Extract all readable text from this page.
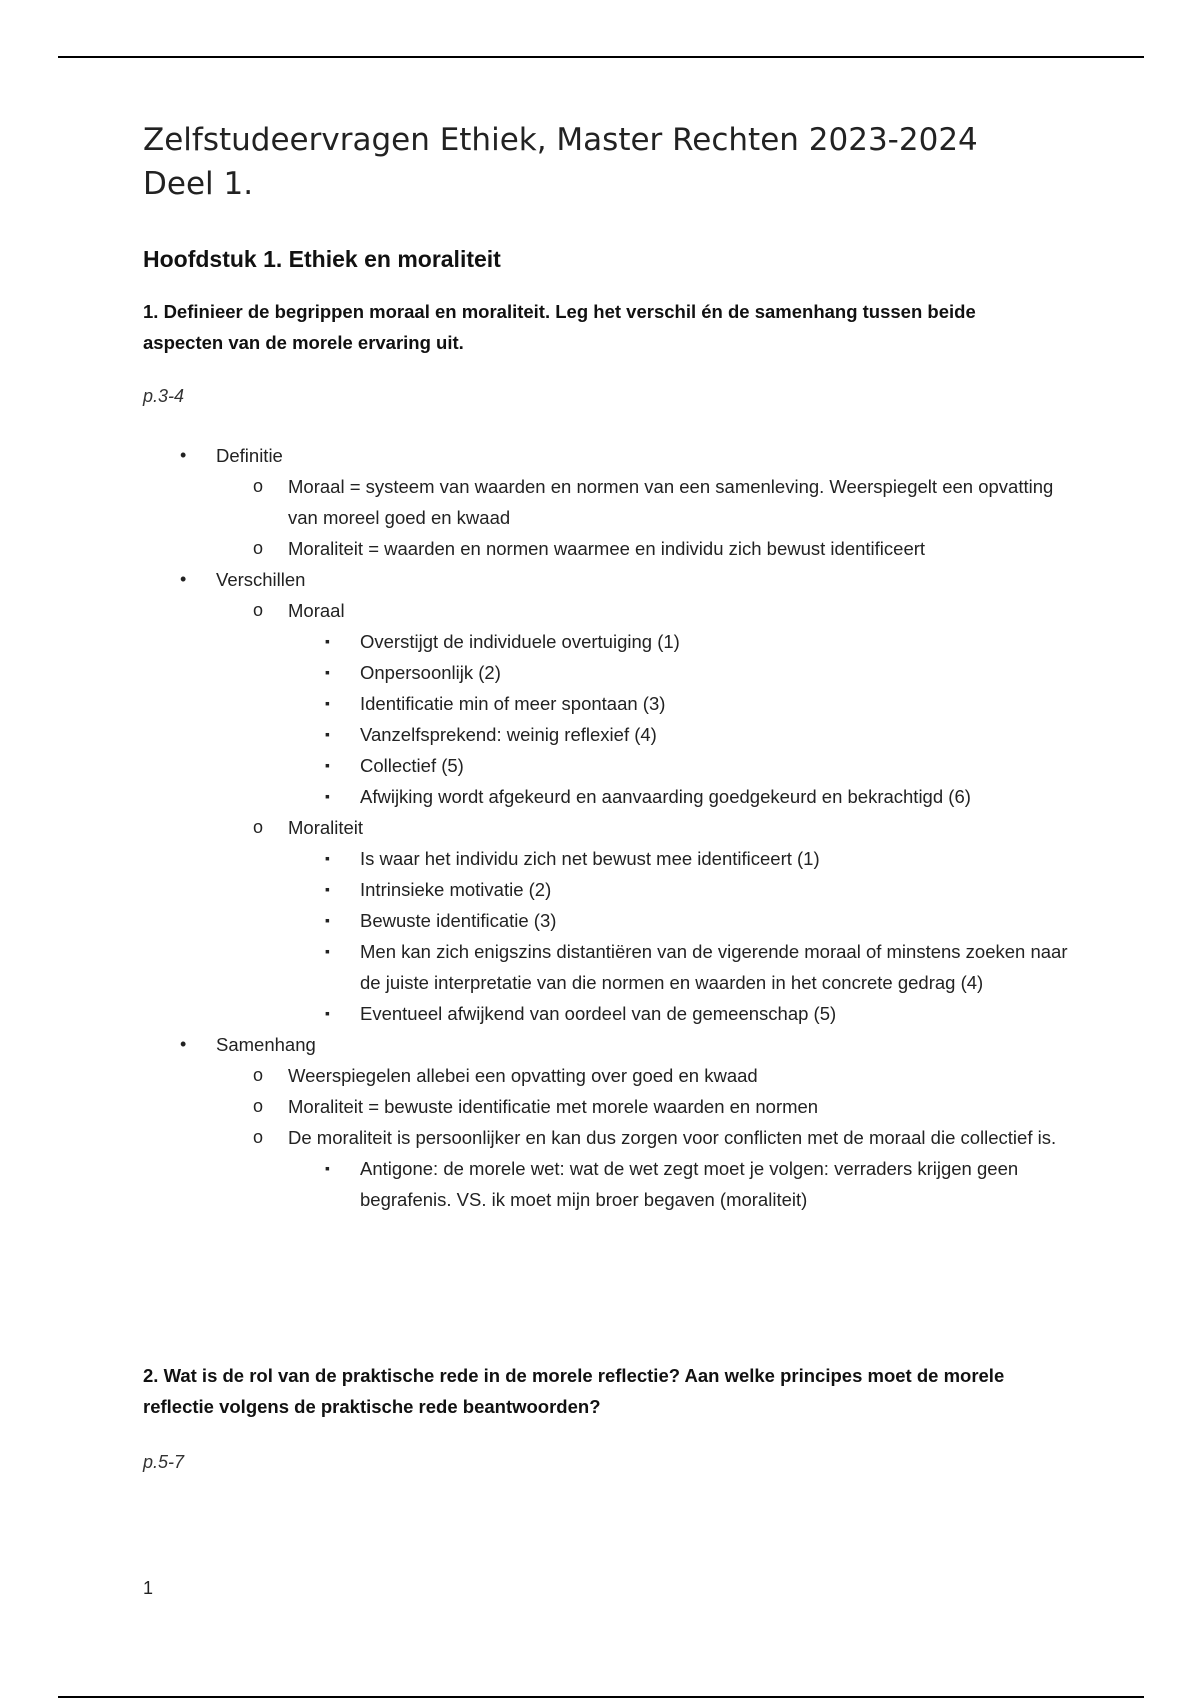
Zelfstudeervragen Ethiek, Master Rechten 2023-2024
Deel 1.
Hoofdstuk 1. Ethiek en moraliteit
1. Definieer de begrippen moraal en moraliteit. Leg het verschil én de samenhang tussen beide
aspecten van de morele ervaring uit.
p.3-4
• Definitie
o Moraal = systeem van waarden en normen van een samenleving. Weerspiegelt een opvatting van moreel goed en kwaad
o Moraliteit = waarden en normen waarmee en individu zich bewust identificeert
• Verschillen
o Moraal
▪ Overstijgt de individuele overtuiging (1)
▪ Onpersoonlijk (2)
▪ Identificatie min of meer spontaan (3)
▪ Vanzelfsprekend: weinig reflexief (4)
▪ Collectief (5)
▪ Afwijking wordt afgekeurd en aanvaarding goedgekeurd en bekrachtigd (6)
o Moraliteit
▪ Is waar het individu zich net bewust mee identificeert (1)
▪ Intrinsieke motivatie (2)
▪ Bewuste identificatie (3)
▪ Men kan zich enigszins distantiëren van de vigerende moraal of minstens zoeken naar de juiste interpretatie van die normen en waarden in het concrete gedrag (4)
▪ Eventueel afwijkend van oordeel van de gemeenschap (5)
• Samenhang
o Weerspiegelen allebei een opvatting over goed en kwaad
o Moraliteit = bewuste identificatie met morele waarden en normen
o De moraliteit is persoonlijker en kan dus zorgen voor conflicten met de moraal die collectief is.
▪ Antigone: de morele wet: wat de wet zegt moet je volgen: verraders krijgen geen begrafenis. VS. ik moet mijn broer begaven (moraliteit)
2. Wat is de rol van de praktische rede in de morele reflectie? Aan welke principes moet de morele
reflectie volgens de praktische rede beantwoorden?
p.5-7
1
